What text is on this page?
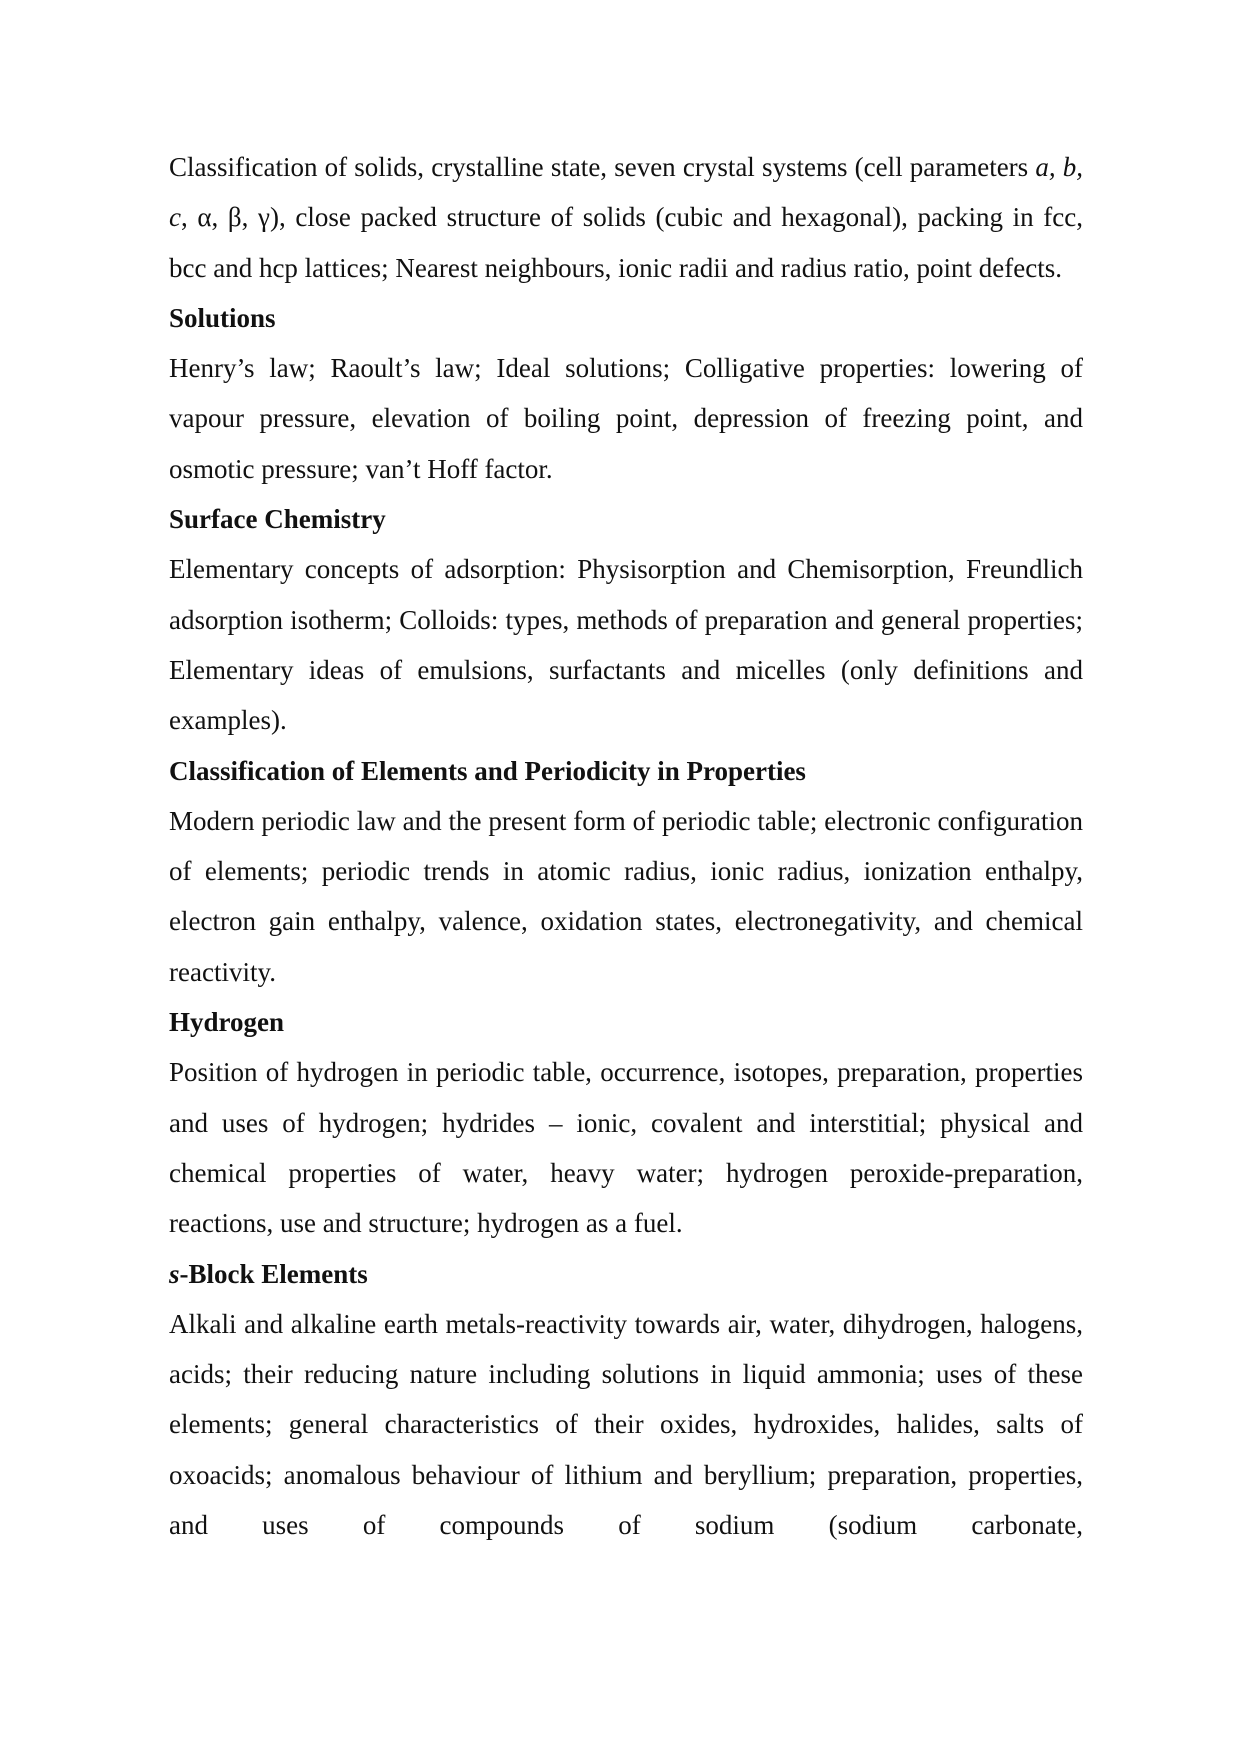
Classification of solids, crystalline state, seven crystal systems (cell parameters a, b, c, α, β, γ), close packed structure of solids (cubic and hexagonal), packing in fcc, bcc and hcp lattices; Nearest neighbours, ionic radii and radius ratio, point defects.

Solutions

Henry’s law; Raoult’s law; Ideal solutions; Colligative properties: lowering of vapour pressure, elevation of boiling point, depression of freezing point, and osmotic pressure; van’t Hoff factor.

Surface Chemistry

Elementary concepts of adsorption: Physisorption and Chemisorption, Freundlich adsorption isotherm; Colloids: types, methods of preparation and general properties; Elementary ideas of emulsions, surfactants and micelles (only definitions and examples).

Classification of Elements and Periodicity in Properties

Modern periodic law and the present form of periodic table; electronic configuration of elements; periodic trends in atomic radius, ionic radius, ionization enthalpy, electron gain enthalpy, valence, oxidation states, electronegativity, and chemical reactivity.

Hydrogen

Position of hydrogen in periodic table, occurrence, isotopes, preparation, properties and uses of hydrogen; hydrides – ionic, covalent and interstitial; physical and chemical properties of water, heavy water; hydrogen peroxide-preparation, reactions, use and structure; hydrogen as a fuel.

s-Block Elements

Alkali and alkaline earth metals-reactivity towards air, water, dihydrogen, halogens, acids; their reducing nature including solutions in liquid ammonia; uses of these elements; general characteristics of their oxides, hydroxides, halides, salts of oxoacids; anomalous behaviour of lithium and beryllium; preparation, properties, and uses of compounds of sodium (sodium carbonate,
